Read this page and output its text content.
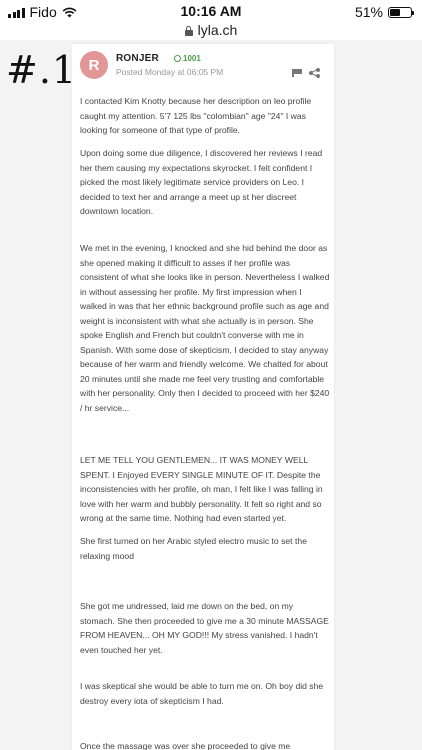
Fido	10:16 AM	51%
lyla.ch
R	RONJER	1001
Posted Monday at 06:05 PM

I contacted Kim Knotty because her description on leo profile caught my attention. 5'7 125 lbs "colombian" age "24" I was looking for someone of that type of profile.

Upon doing some due diligence, I discovered her reviews I read her them causing my expectations skyrocket. I felt confident I picked the most likely legitimate service providers on Leo. I decided to text her and arrange a meet up st her discreet downtown location.

We met in the evening, I knocked and she hid behind the door as she opened making it difficult to asses if her profile was consistent of what she looks like in person. Nevertheless I walked in without assessing her profile. My first impression when I walked in was that her ethnic background profile such as age and weight is inconsistent with what she actually is in person. She spoke English and French but couldn't converse with me in Spanish. With some dose of skepticism, I decided to stay anyway because of her warm and friendly welcome. We chatted for about 20 minutes until she made me feel very trusting and comfortable with her personality. Only then I decided to proceed with her $240 / hr service...

LET ME TELL YOU GENTLEMEN... IT WAS MONEY WELL SPENT. I Enjoyed EVERY SINGLE MINUTE OF IT. Despite the inconsistencies with her profile, oh man, I felt like I was falling in love with her warm and bubbly personality. It felt so right and so wrong at the same time. Nothing had even started yet.

She first turned on her Arabic styled electro music to set the relaxing mood

She got me undressed, laid me down on the bed, on my stomach. She then proceeded to give me a 30 minute MASSAGE FROM HEAVEN... OH MY GOD!!! My stress vanished. I hadn't even touched her yet.

I was skeptical she would be able to turn me on. Oh boy did she destroy every iota of skepticism I had.

Once the massage was over she proceeded to give me

#.1
